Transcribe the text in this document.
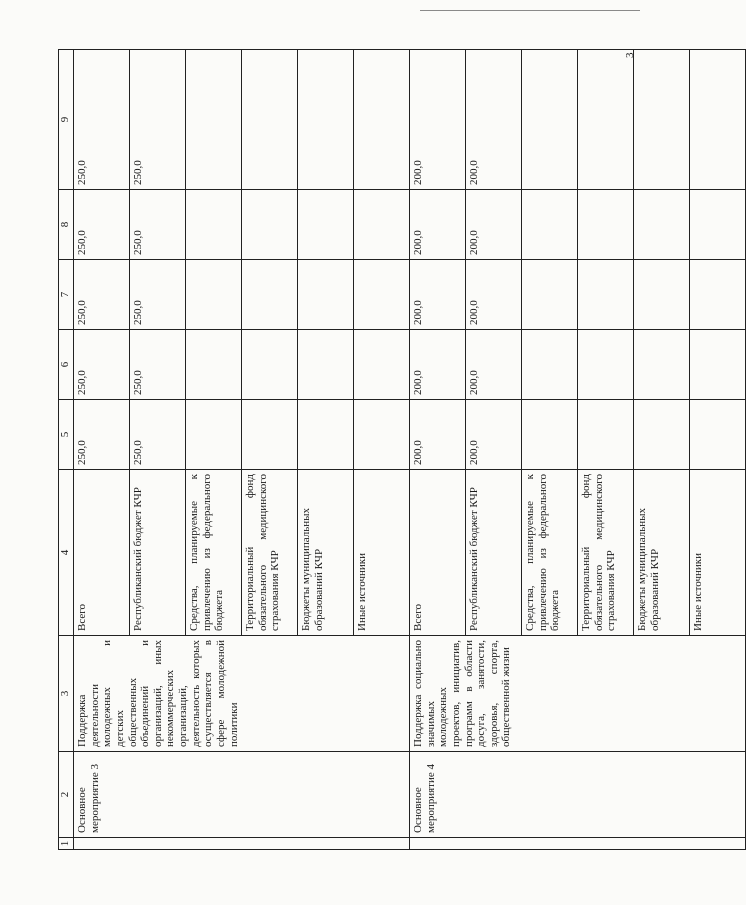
3
1	2	3	4	5	6	7	8	9
	Основное мероприятие 3	Поддержка деятельности молодежных и детских общественных объединений и организаций, иных некоммерческих организаций, деятельность которых осуществляется в сфере молодежной политики	Всего	250,0	250,0	250,0	250,0	250,0
			Республиканский бюджет КЧР	250,0	250,0	250,0	250,0	250,0
			Средства, планируемые к привлечению из федерального бюджета					
			Территориальный фонд обязательного медицинского страхования КЧР					
			Бюджеты муниципальных образований КЧР					
			Иные источники					
	Основное мероприятие 4	Поддержка социально значимых молодежных проектов, инициатив, программ в области досуга, занятости, здоровья, спорта, общественной жизни	Всего	200,0	200,0	200,0	200,0	200,0
			Республиканский бюджет КЧР	200,0	200,0	200,0	200,0	200,0
			Средства, планируемые к привлечению из федерального бюджета					
			Территориальный фонд обязательного медицинского страхования КЧР					
			Бюджеты муниципальных образований КЧР					
			Иные источники					
